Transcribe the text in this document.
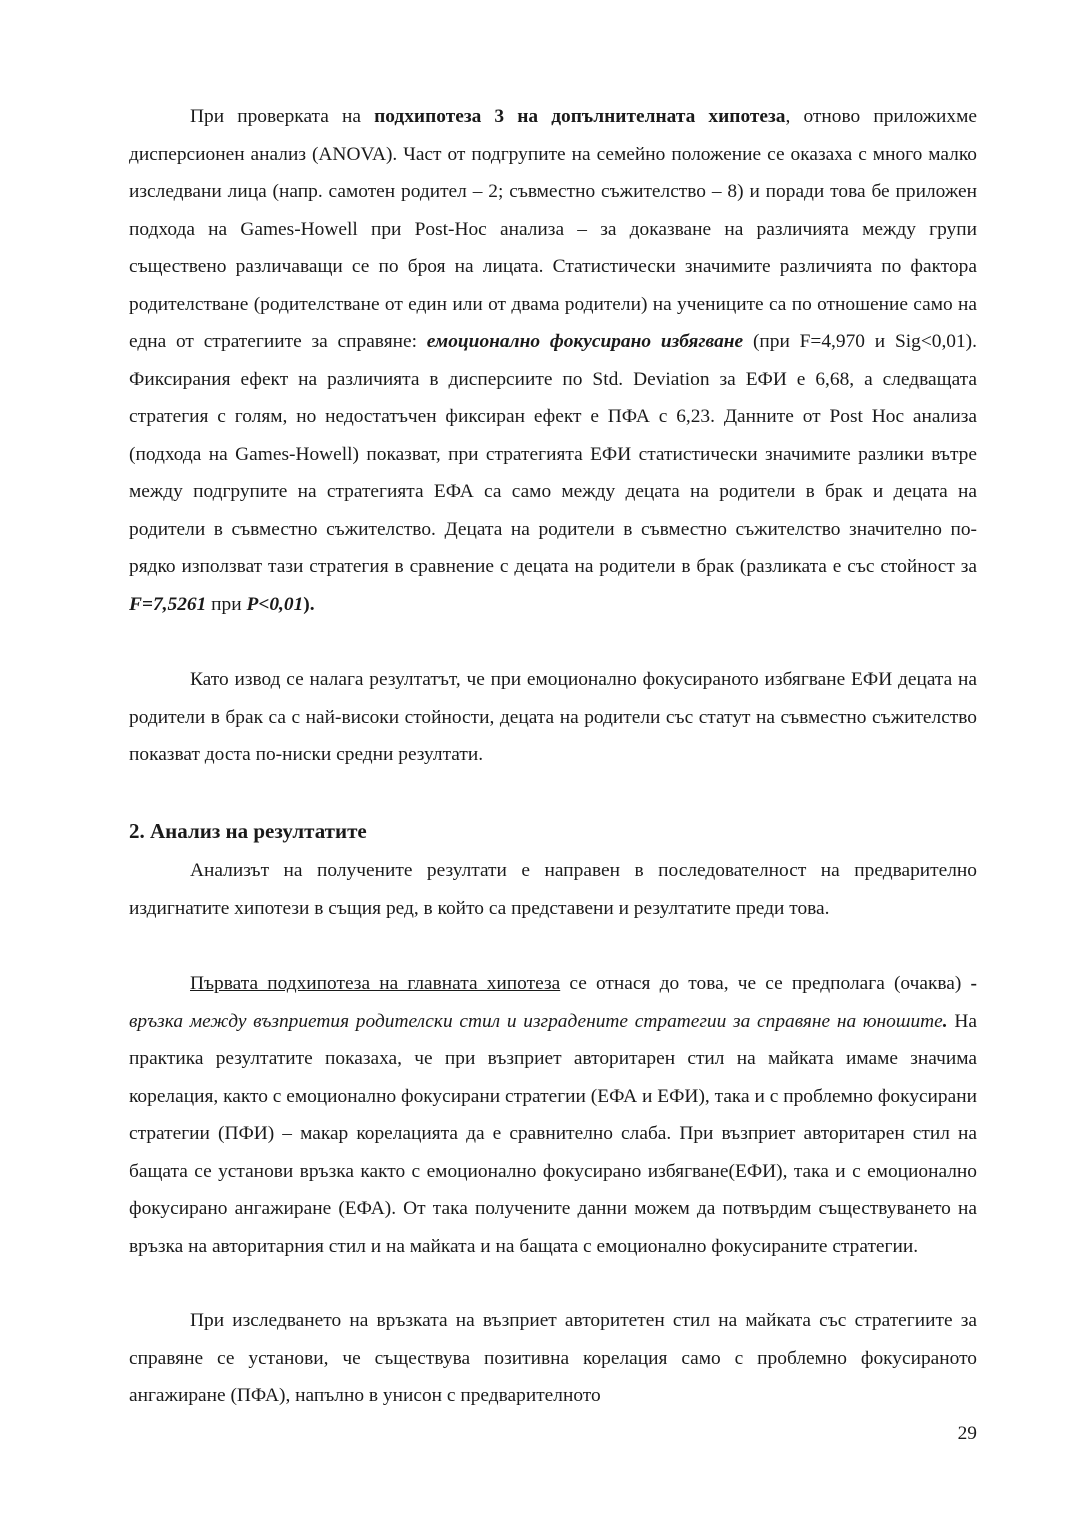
При проверката на подхипотеза 3 на допълнителната хипотеза, отново приложихме дисперсионен анализ (ANOVA). Част от подгрупите на семейно положение се оказаха с много малко изследвани лица (напр. самотен родител – 2; съвместно съжителство – 8) и поради това бе приложен подхода на Games-Howell при Post-Hoc анализа – за доказване на различията между групи съществено различаващи се по броя на лицата. Статистически значимите различията по фактора родителстване (родителстване от един или от двама родители) на учениците са по отношение само на една от стратегиите за справяне: емоционално фокусирано избягване (при F=4,970 и Sig<0,01). Фиксирания ефект на различията в дисперсиите по Std. Deviation за ЕФИ е 6,68, а следващата стратегия с голям, но недостатъчен фиксиран ефект е ПФА с 6,23. Данните от Post Hoc анализа (подхода на Games-Howell) показват, при стратегията ЕФИ статистически значимите разлики вътре между подгрупите на стратегията ЕФА са само между децата на родители в брак и децата на родители в съвместно съжителство. Децата на родители в съвместно съжителство значително по-рядко използват тази стратегия в сравнение с децата на родители в брак (разликата е със стойност за F=7,5261 при P<0,01).

Като извод се налага резултатът, че при емоционално фокусираното избягване ЕФИ децата на родители в брак са с най-високи стойности, децата на родители със статут на съвместно съжителство показват доста по-ниски средни резултати.

2. Анализ на резултатите

Анализът на получените резултати е направен в последователност на предварително издигнатите хипотези в същия ред, в който са представени и резултатите преди това.

Първата подхипотеза на главната хипотеза се отнася до това, че се предполага (очаква) - връзка между възприетия родителски стил и изградените стратегии за справяне на юношите. На практика резултатите показаха, че при възприет авторитарен стил на майката имаме значима корелация, както с емоционално фокусирани стратегии (ЕФА и ЕФИ), така и с проблемно фокусирани стратегии (ПФИ) – макар корелацията да е сравнително слаба. При възприет авторитарен стил на бащата се установи връзка както с емоционално фокусирано избягване(ЕФИ), така и с емоционално фокусирано ангажиране (ЕФА). От така получените данни можем да потвърдим съществуването на връзка на авторитарния стил и на майката и на бащата с емоционално фокусираните стратегии.

При изследването на връзката на възприет авторитетен стил на майката със стратегиите за справяне се установи, че съществува позитивна корелация само с проблемно фокусираното ангажиране (ПФА), напълно в унисон с предварителното

29
